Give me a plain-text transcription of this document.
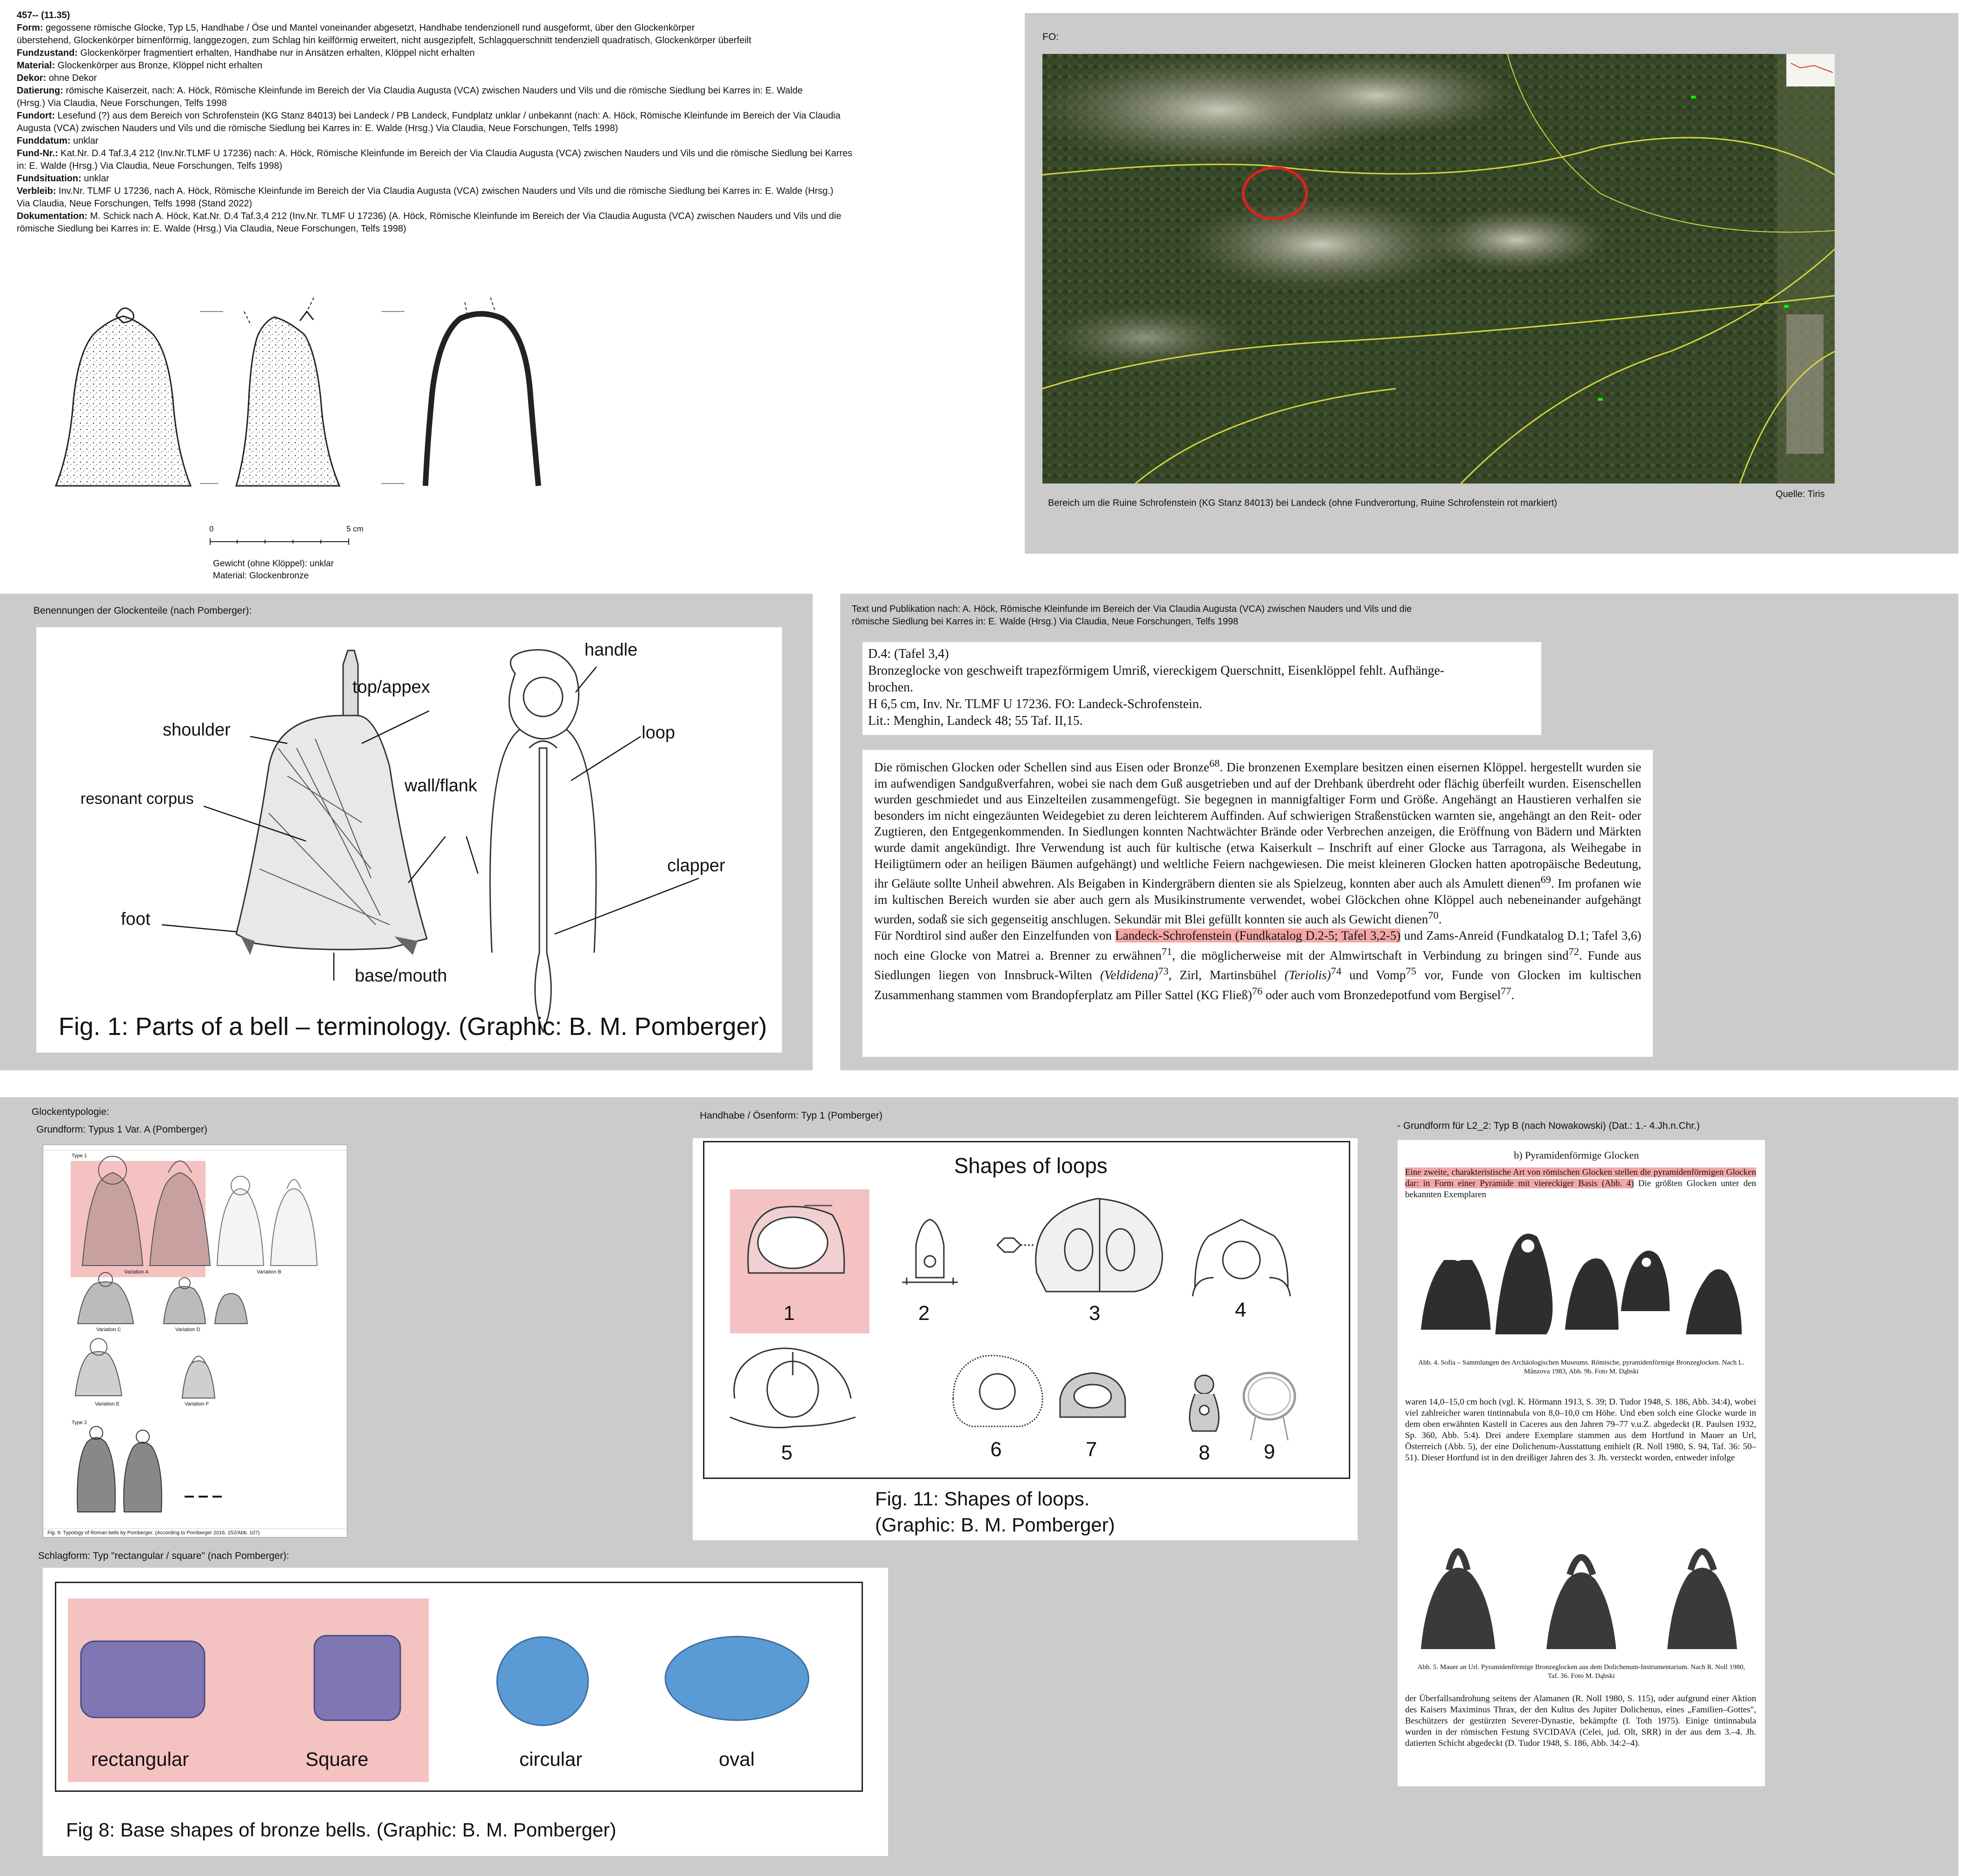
457-- (11.35)

Form: gegossene römische Glocke, Typ L5, Handhabe / Öse und Mantel voneinander abgesetzt, Handhabe tendenzionell rund ausgeformt, über den Glockenkörper

überstehend, Glockenkörper birnenförmig, langgezogen, zum Schlag hin keilförmig erweitert, nicht ausgezipfelt, Schlagquerschnitt tendenziell quadratisch, Glockenkörper überfeilt

Fundzustand: Glockenkörper fragmentiert erhalten, Handhabe nur in Ansätzen erhalten, Klöppel nicht erhalten

Material: Glockenkörper aus Bronze, Klöppel nicht erhalten

Dekor: ohne Dekor

Datierung: römische Kaiserzeit, nach: A. Höck, Römische Kleinfunde im Bereich der Via Claudia Augusta (VCA) zwischen Nauders und Vils und die römische Siedlung bei Karres in: E. Walde

(Hrsg.) Via Claudia, Neue Forschungen, Telfs 1998

Fundort: Lesefund (?) aus dem Bereich von Schrofenstein (KG Stanz 84013) bei Landeck / PB Landeck, Fundplatz unklar / unbekannt (nach: A. Höck, Römische Kleinfunde im Bereich der Via Claudia

Augusta (VCA) zwischen Nauders und Vils und die römische Siedlung bei Karres in: E. Walde (Hrsg.) Via Claudia, Neue Forschungen, Telfs 1998)

Funddatum: unklar

Fund-Nr.: Kat.Nr. D.4 Taf.3,4 212 (Inv.Nr.TLMF U 17236) nach: A. Höck, Römische Kleinfunde im Bereich der Via Claudia Augusta (VCA) zwischen Nauders und Vils und die römische Siedlung bei Karres

in: E. Walde (Hrsg.) Via Claudia, Neue Forschungen, Telfs 1998)

Fundsituation: unklar

Verbleib: Inv.Nr. TLMF U 17236, nach A. Höck, Römische Kleinfunde im Bereich der Via Claudia Augusta (VCA) zwischen Nauders und Vils und die römische Siedlung bei Karres in: E. Walde (Hrsg.)

Via Claudia, Neue Forschungen, Telfs 1998 (Stand 2022)

Dokumentation: M. Schick nach A. Höck, Kat.Nr. D.4 Taf.3,4 212 (Inv.Nr. TLMF U 17236) (A. Höck, Römische Kleinfunde im Bereich der Via Claudia Augusta (VCA) zwischen Nauders und Vils und die

römische Siedlung bei Karres in: E. Walde (Hrsg.) Via Claudia, Neue Forschungen, Telfs 1998)

0	5 cm
Gewicht (ohne Klöppel): unklar
Material: Glockenbronze
FO:
Bereich um die Ruine Schrofenstein (KG Stanz 84013) bei Landeck (ohne Fundverortung, Ruine Schrofenstein rot markiert)
Quelle: Tiris
Benennungen der Glockenteile (nach Pomberger):
handle
top/appex
shoulder	loop
resonant corpus
wall/flank
clapper
foot
base/mouth
Fig. 1: Parts of a bell – terminology. (Graphic: B. M. Pomberger)
Text und Publikation nach: A. Höck, Römische Kleinfunde im Bereich der Via Claudia Augusta (VCA) zwischen Nauders und Vils und die
römische Siedlung bei Karres in: E. Walde (Hrsg.) Via Claudia, Neue Forschungen, Telfs 1998
D.4: (Tafel 3,4)
Bronzeglocke von geschweift trapezförmigem Umriß, viereckigem Querschnitt, Eisenklöppel fehlt. Aufhänge-
brochen.
H 6,5 cm, Inv. Nr. TLMF U 17236. FO: Landeck-Schrofenstein.
Lit.: Menghin, Landeck 48; 55 Taf. II,15.
Die römischen Glocken oder Schellen sind aus Eisen oder Bronze$^{68}$. Die bronzenen Exemplare besitzen einen eisernen Klöppel. hergestellt wurden sie im aufwendigen Sandgußverfahren, wobei sie nach dem Guß ausgetrieben und auf der Drehbank überdreht oder flächig überfeilt wurden. Eisenschellen wurden geschmiedet und aus Einzelteilen zusammengefügt. Sie begegnen in mannigfaltiger Form und Größe. Angehängt an Haustieren verhalfen sie besonders im nicht eingezäunten Weidegebiet zu deren leichterem Auffinden. Auf schwierigen Straßenstücken warnten sie, angehängt an den Reit- oder Zugtieren, den Entgegenkommenden. In Siedlungen konnten Nachtwächter Brände oder Verbrechen anzeigen, die Eröffnung von Bädern und Märkten wurde damit angekündigt. Ihre Verwendung ist auch für kultische (etwa Kaiserkult – Inschrift auf einer Glocke aus Tarragona, als Weihegabe in Heiligtümern oder an heiligen Bäumen aufgehängt) und weltliche Feiern nachgewiesen. Die meist kleineren Glocken hatten apotropäische Bedeutung, ihr Geläute sollte Unheil abwehren. Als Beigaben in Kindergräbern dienten sie als Spielzeug, konnten aber auch als Amulett dienen$^{69}$. Im profanen wie im kultischen Bereich wurden sie aber auch gern als Musikinstrumente verwendet, wobei Glöckchen ohne Klöppel auch nebeneinander aufgehängt wurden, sodaß sie sich gegenseitig anschlugen. Sekundär mit Blei gefüllt konnten sie auch als Gewicht dienen$^{70}$.
Für Nordtirol sind außer den Einzelfunden von Landeck-Schrofenstein (Fundkatalog D.2-5; Tafel 3,2-5) und Zams-Anreid (Fundkatalog D.1; Tafel 3,6) noch eine Glocke von Matrei a. Brenner zu erwähnen$^{71}$, die möglicherweise mit der Almwirtschaft in Verbindung zu bringen sind$^{72}$. Funde aus Siedlungen liegen von Innsbruck-Wilten (Veldidena)$^{73}$, Zirl, Martinsbühel (Teriolis)$^{74}$ und Vomp$^{75}$ vor, Funde von Glocken im kultischen Zusammenhang stammen vom Brandopferplatz am Piller Sattel (KG Fließ)$^{76}$ oder auch vom Bronzedepotfund vom Bergisel$^{77}$.
Glockentypologie:
Grundform: Typus 1 Var. A (Pomberger)
Type 1
Variation A	Variation B
Variation C	Variation D
Variation E	Variation F
Type 2
Fig. 9: Typology of Roman bells by Pomberger. (According to Pomberger 2016, 152/Abb. 107)
Handhabe / Ösenform: Typ 1 (Pomberger)
Shapes of loops
1	2	3	4
5	6	7	8	9
Fig. 11: Shapes of loops.
(Graphic: B. M. Pomberger)
Schlagform: Typ "rectangular / square" (nach Pomberger):
rectangular	Square	circular	oval
Fig 8: Base shapes of bronze bells. (Graphic: B. M. Pomberger)
- Grundform für L2_2: Typ B (nach Nowakowski) (Dat.: 1.- 4.Jh.n.Chr.)
b) Pyramidenförmige Glocken
Eine zweite, charakteristische Art von römischen Glocken stellen die pyramidenförmigen Glocken dar: in Form einer Pyramide mit viereckiger Basis (Abb. 4) Die größten Glocken unter den bekannten Exemplaren
Abb. 4. Sofia – Sammlungen des Archäologischen Museums. Römische, pyramidenförmige Bronzeglocken. Nach L. Mănzova 1983, Abb. 9b. Foto M. Dąbski
waren 14,0–15,0 cm hoch (vgl. K. Hörmann 1913, S. 39; D. Tudor 1948, S. 186, Abb. 34:4), wobei viel zahlreicher waren tintinnabula von 8,0–10,0 cm Höhe. Und eben solch eine Glocke wurde in dem oben erwähnten Kastell in Caceres aus den Jahren 79–77 v.u.Z. abgedeckt (R. Paulsen 1932, Sp. 360, Abb. 5:4). Drei andere Exemplare stammen aus dem Hortfund in Mauer an Url, Österreich (Abb. 5), der eine Dolichenum-Ausstattung enthielt (R. Noll 1980, S. 94, Taf. 36: 50–51). Dieser Hortfund ist in den dreißiger Jahren des 3. Jh. versteckt worden, entweder infolge
Abb. 5. Mauer an Url. Pyramidenförmige Bronzeglocken aus dem Dolichenum-Instrumentarium. Nach R. Noll 1980, Taf. 36. Foto M. Dąbski
der Überfallsandrohung seitens der Alamanen (R. Noll 1980, S. 115), oder aufgrund einer Aktion des Kaisers Maximinus Thrax, der den Kultus des Jupiter Dolichenus, eines „Familien–Gottes", Beschützers der gestürzten Severer-Dynastie, bekämpfte (I. Toth 1975). Einige tintinnabula wurden in der römischen Festung SVCIDAVA (Celei, jud. Olt, SRR) in der aus dem 3.–4. Jh. datierten Schicht abgedeckt (D. Tudor 1948, S. 186, Abb. 34:2–4).
